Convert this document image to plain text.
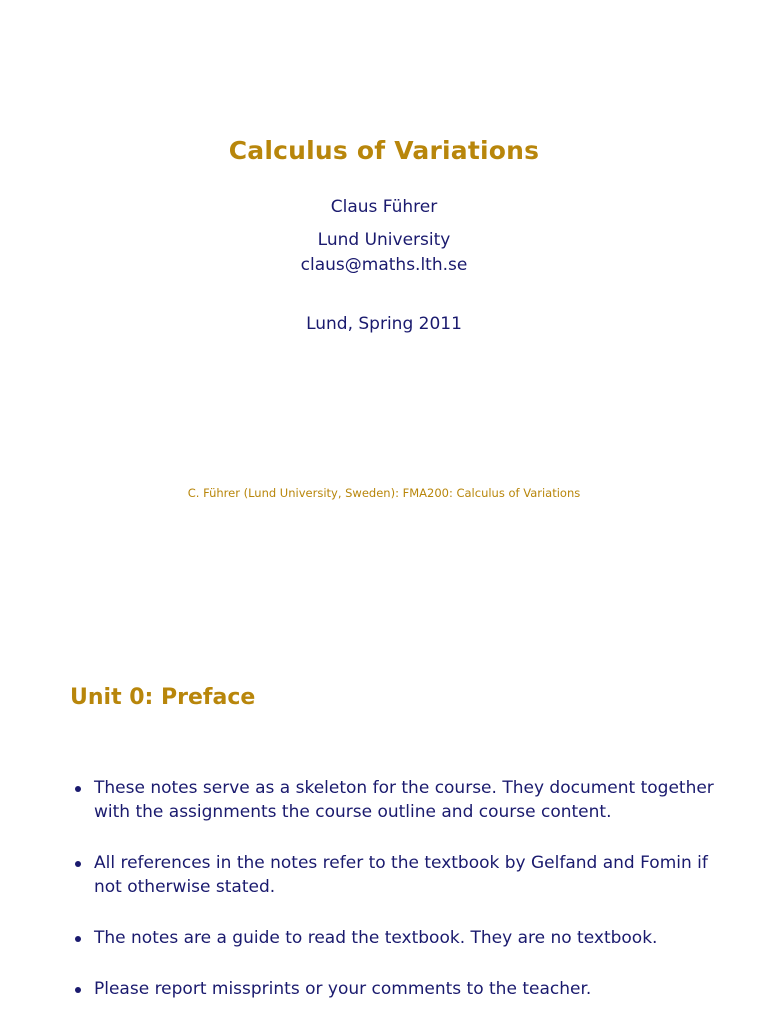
Calculus of Variations
Claus Führer
Lund University
claus@maths.lth.se
Lund, Spring 2011
C. Führer (Lund University, Sweden): FMA200: Calculus of Variations
Unit 0: Preface
These notes serve as a skeleton for the course. They document together with the assignments the course outline and course content.
All references in the notes refer to the textbook by Gelfand and Fomin if not otherwise stated.
The notes are a guide to read the textbook. They are no textbook.
Please report missprints or your comments to the teacher.
